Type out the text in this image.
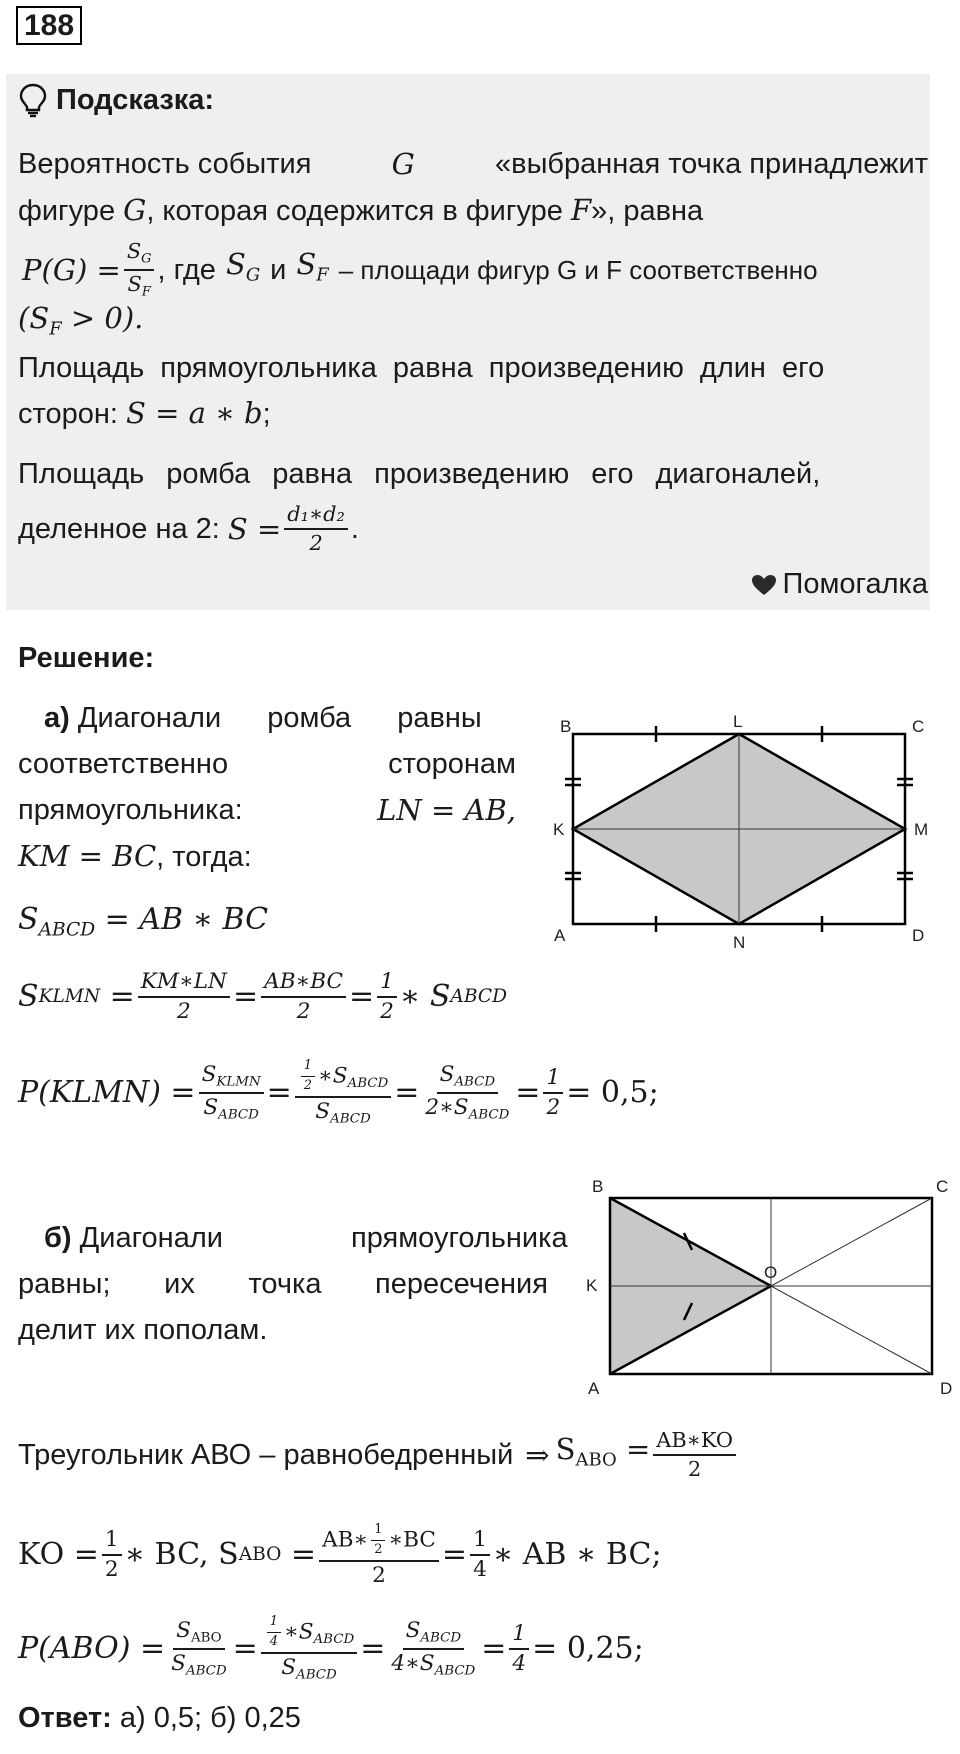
188
Подсказка:
Вероятность события	G	«выбранная точка принадлежит
фигуре G, которая содержится в фигуре F», равна
$P(G) = \frac{S_G}{S_F}$ , где $S_G$ и $S_F$ – площади фигур G и F соответственно
$(S_F > 0)$.
Площадь прямоугольника равна произведению длин его
сторон: S = a ∗ b;
Площадь ромба равна произведению его диагоналей,
деленное на 2: $S = \frac{\text{d₁∗d₂}}{2}$ .
Помогалка
Решение:
а) Диагонали ромба равны
соответственно	сторонам
прямоугольника:	LN = AB,
KM = BC, тогда:
$S_{ABCD}$ = AB ∗ BC
S KLMN = $\frac{KM∗LN}{2} = \frac{AB∗BC}{2} = \frac{1}{2}$ ∗ S ABCD
P(KLMN) = $\frac{S_{KLMN}}{S_{ABCD}} = \frac{\frac{1}{2} ∗S_{ABCD}}{S_{ABCD}} = \frac{S_{ABCD}}{2∗S_{ABCD}} = \frac{1}{2} = 0,5$;
B	L	C
K	M
A	N	D
б) Диагонали прямоугольника
равны; их точка пересечения
делит их пополам.
B	C
K
O
A	D
Треугольник АВО – равнобедренный ⇒ $S_{ABO} = \frac{AB∗KO}{2}$
KO = $\frac{1}{2}$ ∗ BC,
S ABO = $\frac{AB∗ \frac{1}{2} ∗BC}{2} = \frac{1}{4}$ ∗ AB ∗ BC;
$P(ABO) = \frac{S_{ABO}}{S_{ABCD}} = \frac{\frac{1}{4} ∗S_{ABCD}}{S_{ABCD}} = \frac{S_{ABCD}}{4∗S_{ABCD}} = \frac{1}{4} = 0,25$;
Ответ: а) 0,5; б) 0,25
